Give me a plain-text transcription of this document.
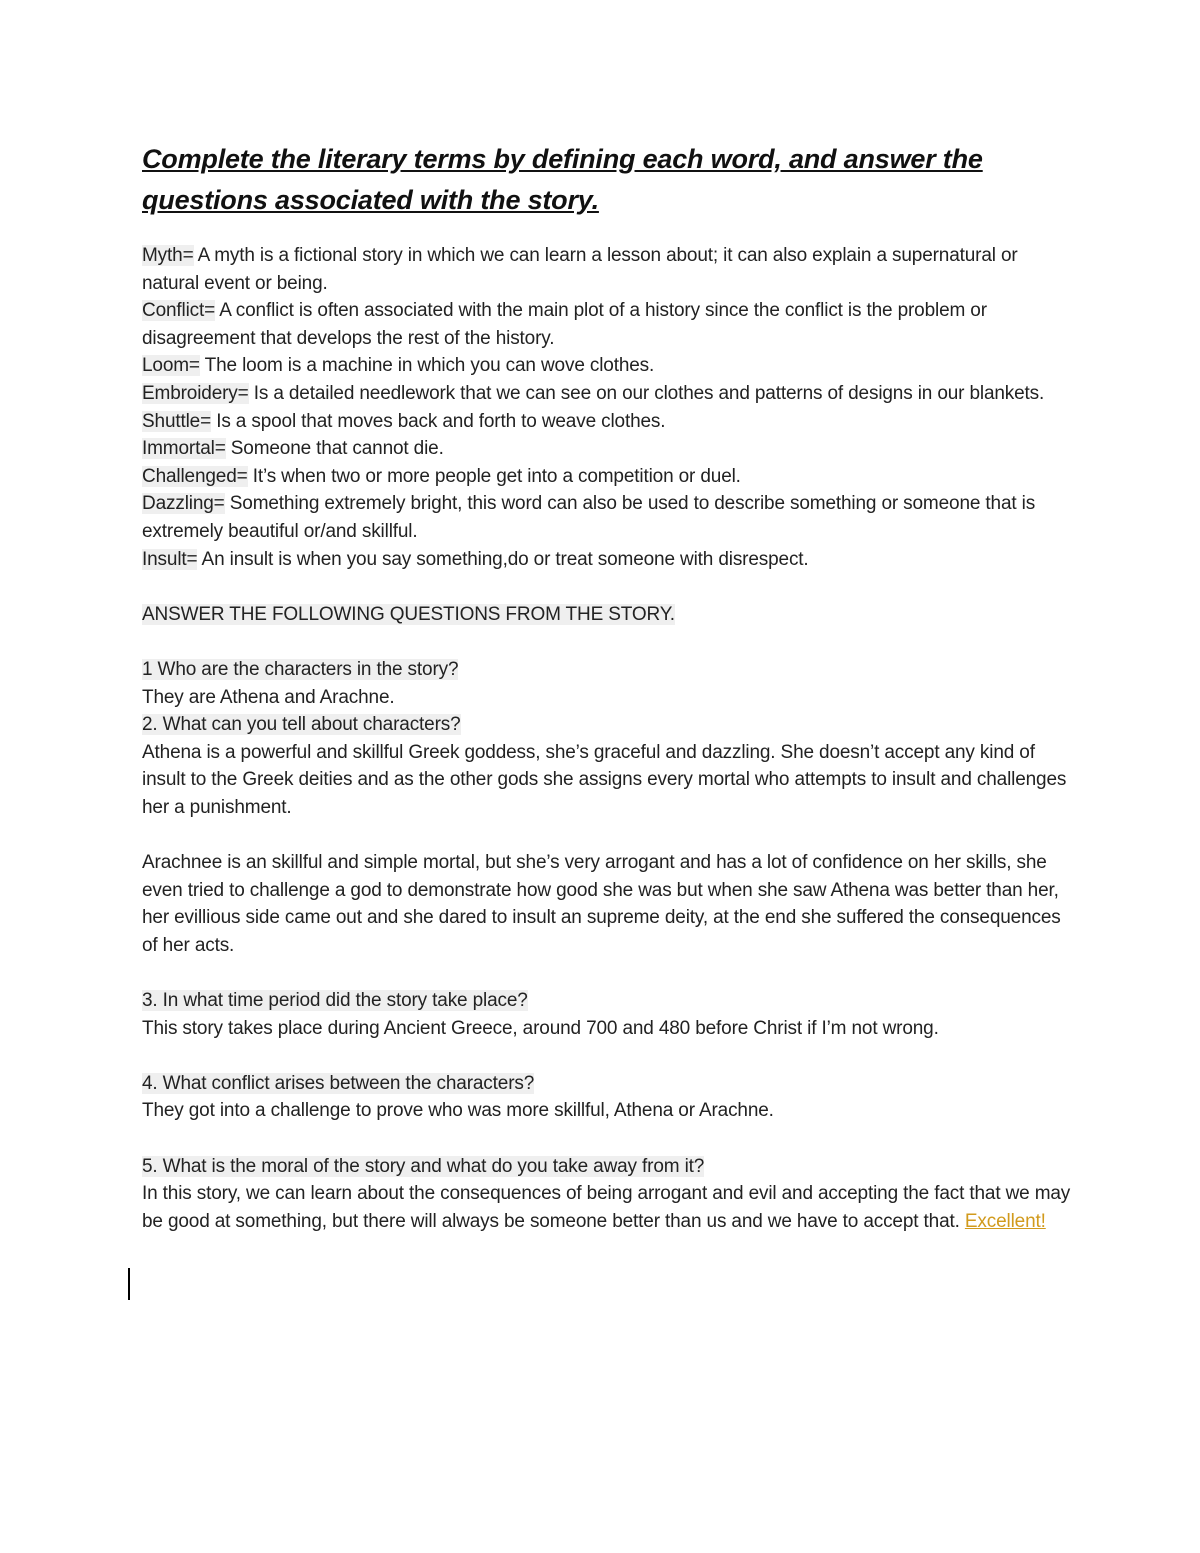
Complete the literary terms by defining each word, and answer the questions associated with the story.

Myth= A myth is a fictional story in which we can learn a lesson about; it can also explain a supernatural or natural event or being.

Conflict= A conflict is often associated with the main plot of a history since the conflict is the problem or disagreement that develops the rest of the history.

Loom= The loom is a machine in which you can wove clothes.

Embroidery= Is a detailed needlework that we can see on our clothes and patterns of designs in our blankets.

Shuttle= Is a spool that moves back and forth to weave clothes.

Immortal= Someone that cannot die.

Challenged= It’s when two or more people get into a competition or duel.

Dazzling= Something extremely bright, this word can also be used to describe something or someone that is extremely beautiful or/and skillful.

Insult= An insult is when you say something,do or treat someone with disrespect.

ANSWER THE FOLLOWING QUESTIONS FROM THE STORY.

1 Who are the characters in the story?

They are Athena and Arachne.

2. What can you tell about characters?

Athena is a powerful and skillful Greek goddess, she’s graceful and dazzling. She doesn’t accept any kind of insult to the Greek deities and as the other gods she assigns every mortal who attempts to insult and challenges her a punishment.

Arachnee is an skillful and simple mortal, but she’s very arrogant and has a lot of confidence on her skills, she even tried to challenge a god to demonstrate how good she was but when she saw Athena was better than her, her evillious side came out and she dared to insult an supreme deity, at the end she suffered the consequences of her acts.

3. In what time period did the story take place?

This story takes place during Ancient Greece, around 700 and 480 before Christ if I’m not wrong.

4. What conflict arises between the characters?

They got into a challenge to prove who was more skillful, Athena or Arachne.

5. What is the moral of the story and what do you take away from it?

In this story, we can learn about the consequences of being arrogant and evil and accepting the fact that we may be good at something, but there will always be someone better than us and we have to accept that. Excellent!
